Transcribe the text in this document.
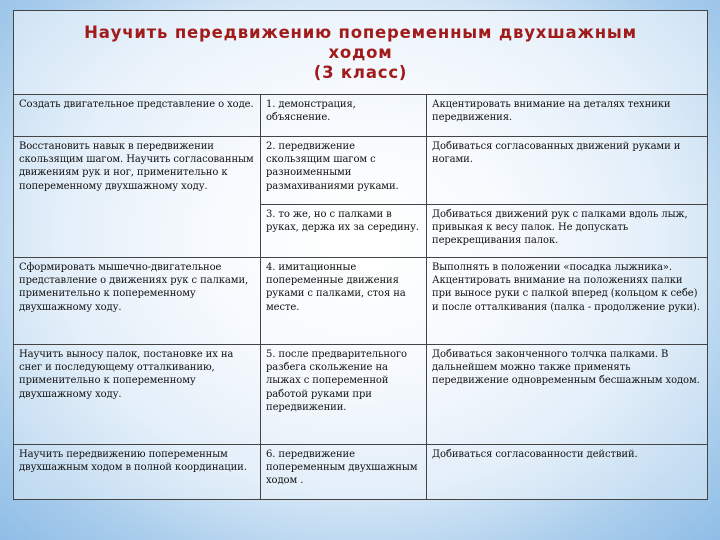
Научить передвижению попеременным двухшажным
ходом
(3 класс)		

Создать двигательное представление о ходе.	1. демонстрация, объяснение.	Акцентировать внимание на деталях техники передвижения.
Восстановить навык в передвижении скользящим шагом. Научить согласованным движениям рук и ног, применительно к попеременному двухшажному ходу.	2. передвижение скользящим шагом с разноименными размахиваниями руками.	Добиваться согласованных движений руками и ногами.
	3. то же, но с палками в руках, держа их за середину.	Добиваться движений рук с палками вдоль лыж, привыкая к весу палок. Не допускать перекрещивания палок.
Сформировать мышечно-двигательное представление о движениях рук с палками, применительно к попеременному двухшажному ходу.	4. имитационные попеременные движения руками с палками, стоя на месте.	Выполнять в положении «посадка лыжника». Акцентировать внимание на положениях палки при выносе руки с палкой вперед (кольцом к себе) и после отталкивания (палка - продолжение руки).
Научить выносу палок, постановке их на снег и последующему отталкиванию, применительно к попеременному двухшажному ходу.	5. после предварительного разбега скольжение на лыжах с попеременной работой руками при передвижении.	Добиваться законченного толчка палками. В дальнейшем можно также применять передвижение одновременным бесшажным ходом.
Научить передвижению попеременным двухшажным ходом в полной координации.	6. передвижение попеременным двухшажным ходом .	Добиваться согласованности действий.
